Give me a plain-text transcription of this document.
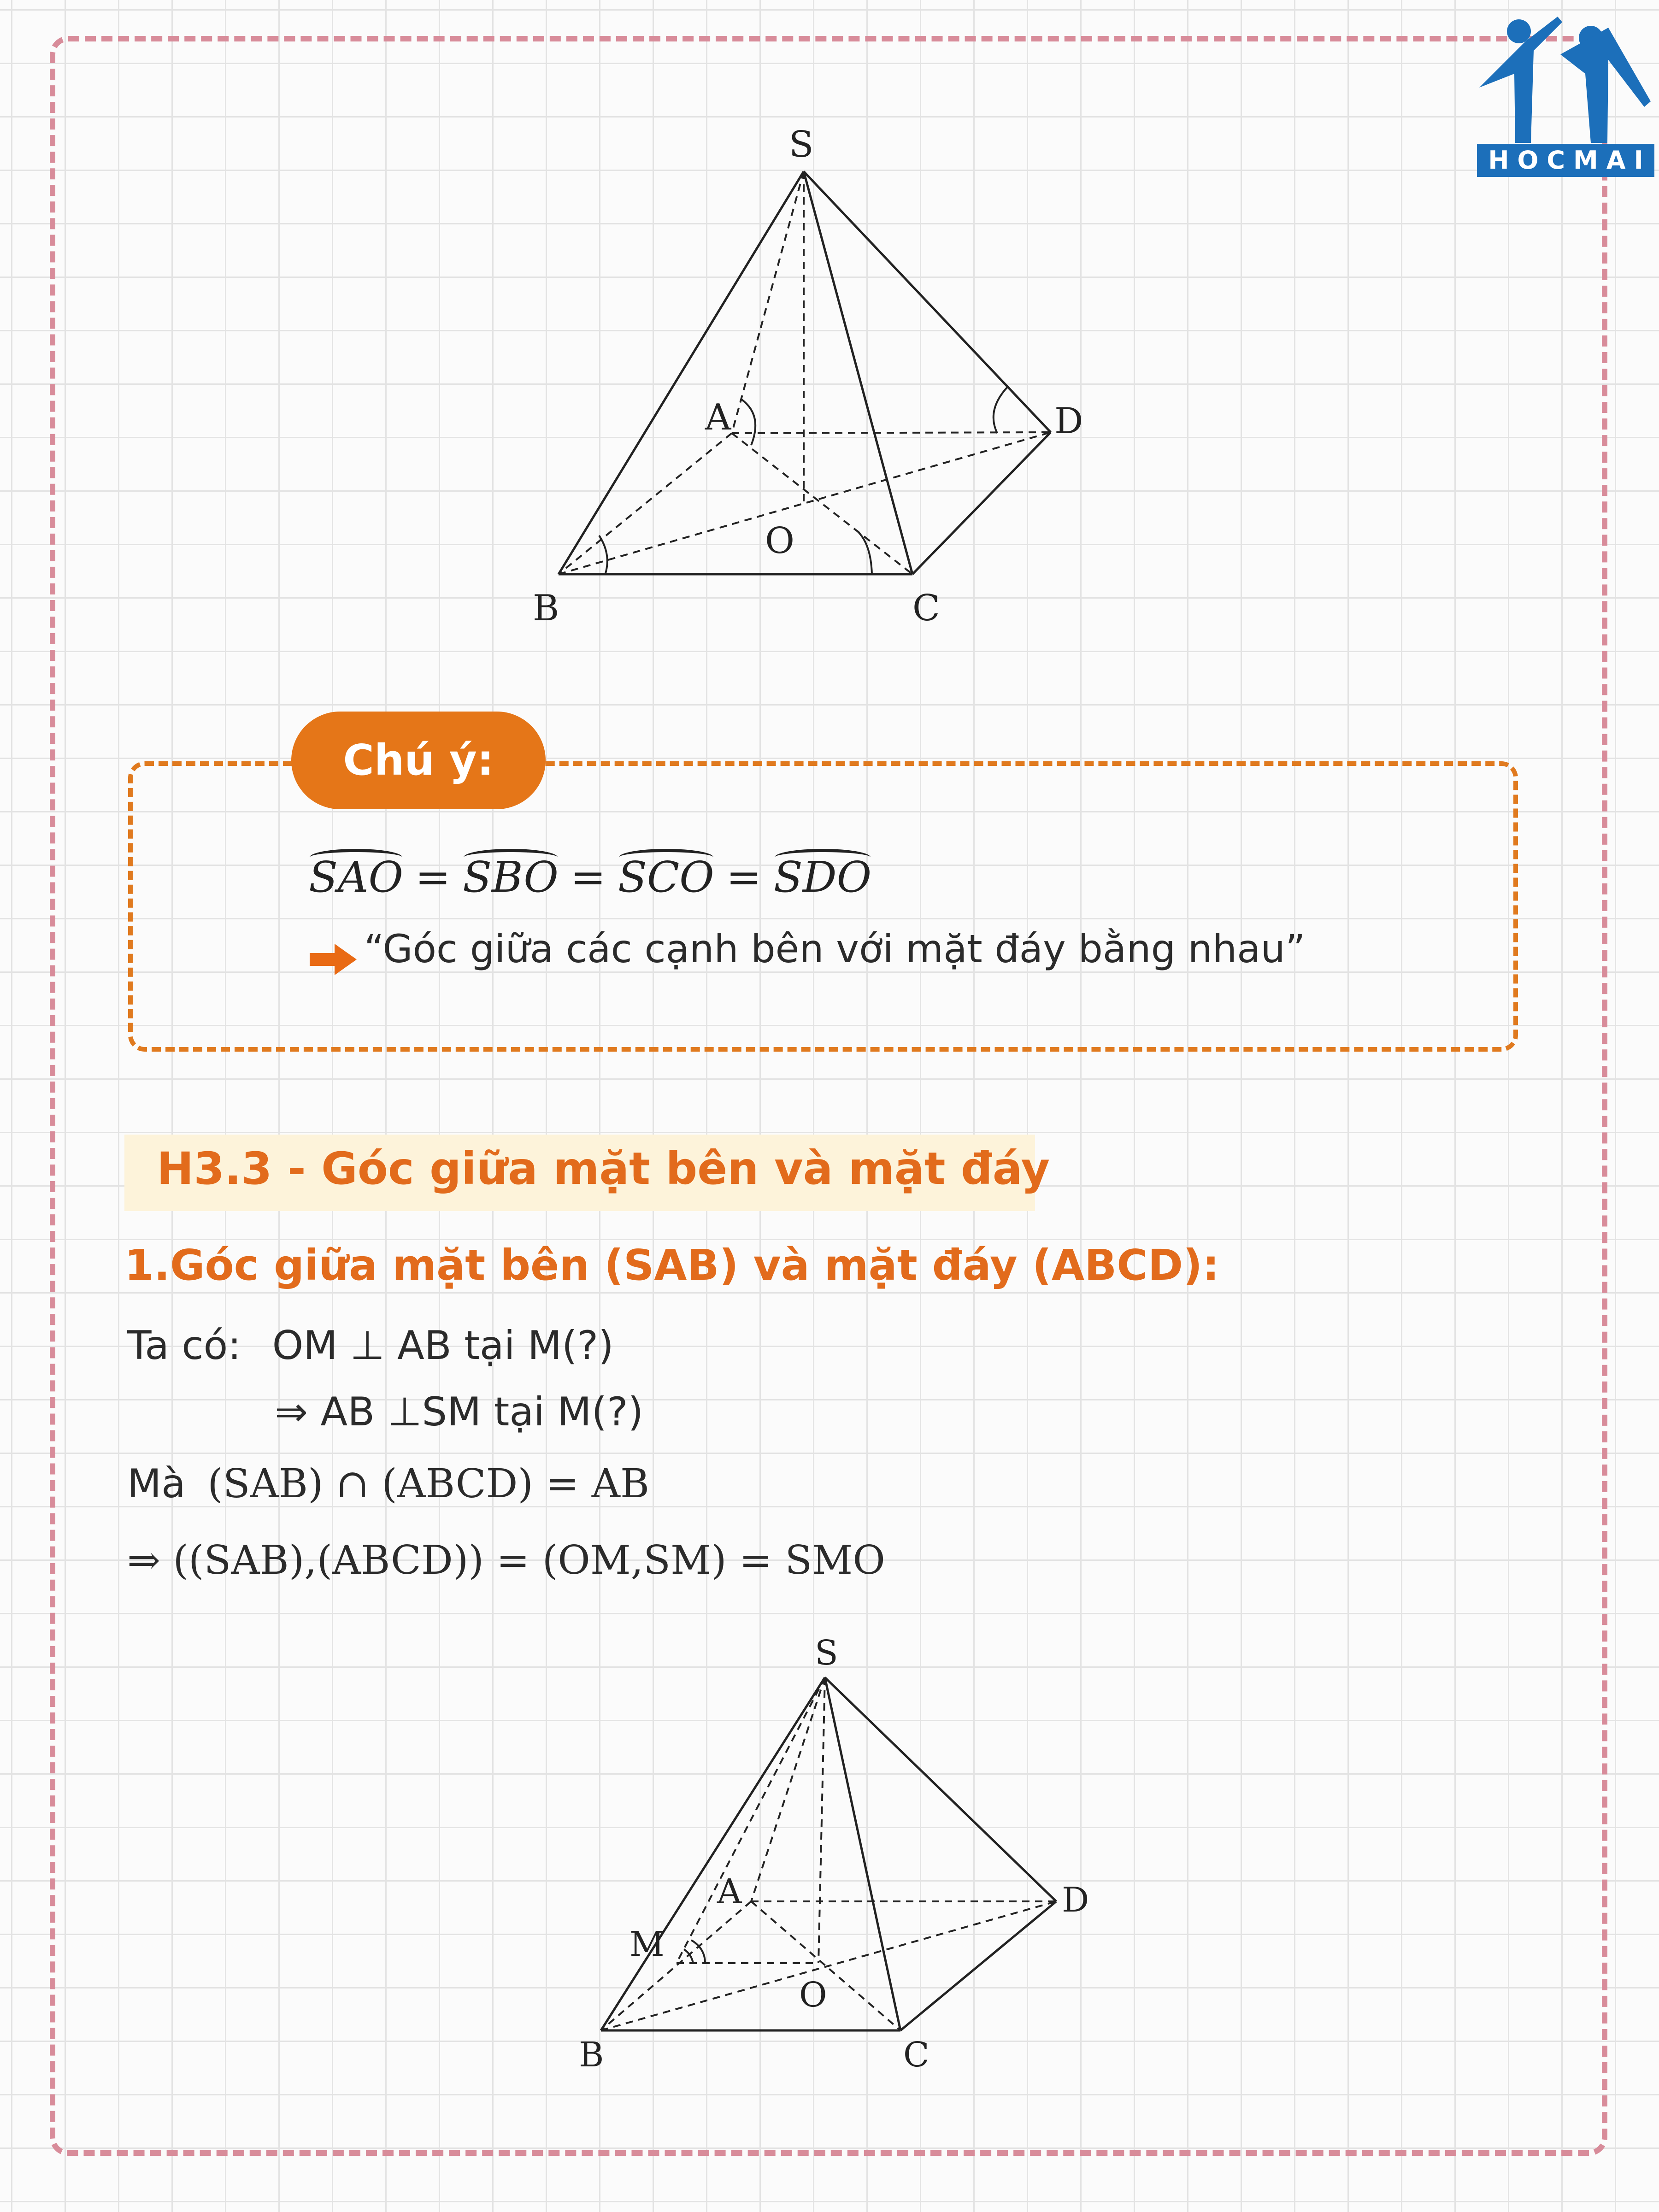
HOCMAI
S
A	D
O
B	C
Chú ý:
SAO = SBO = SCO = SDO
“Góc giữa các cạnh bên với mặt đáy bằng nhau”
H3.3 - Góc giữa mặt bên và mặt đáy
1.Góc giữa mặt bên (SAB) và mặt đáy (ABCD):
Ta có: OM ⊥ AB tại M(?)
⇒ AB ⊥SM tại M(?)
Mà (SAB) ∩ (ABCD) = AB
⇒ ((SAB),(ABCD)) = (OM,SM) = SMO
S
A	D
M
O
B	C
